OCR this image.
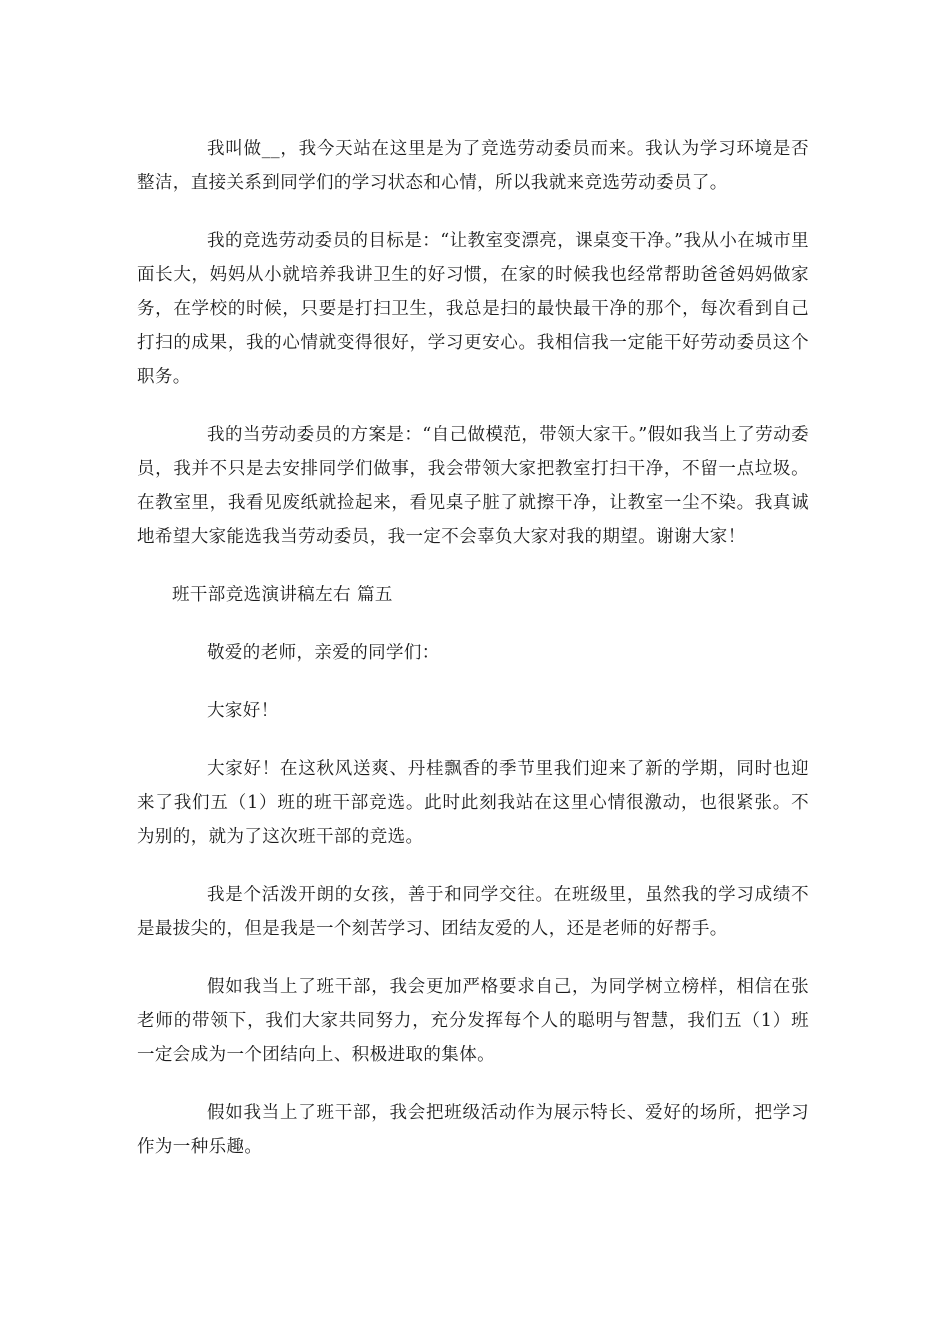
我叫做__，我今天站在这里是为了竞选劳动委员而来。我认为学习环境是否整洁，直接关系到同学们的学习状态和心情，所以我就来竞选劳动委员了。

我的竞选劳动委员的目标是：“让教室变漂亮，课桌变干净。”我从小在城市里面长大，妈妈从小就培养我讲卫生的好习惯，在家的时候我也经常帮助爸爸妈妈做家务，在学校的时候，只要是打扫卫生，我总是扫的最快最干净的那个，每次看到自己打扫的成果，我的心情就变得很好，学习更安心。我相信我一定能干好劳动委员这个职务。

我的当劳动委员的方案是：“自己做模范，带领大家干。”假如我当上了劳动委员，我并不只是去安排同学们做事，我会带领大家把教室打扫干净，不留一点垃圾。在教室里，我看见废纸就捡起来，看见桌子脏了就擦干净，让教室一尘不染。我真诚地希望大家能选我当劳动委员，我一定不会辜负大家对我的期望。谢谢大家！

班干部竞选演讲稿左右 篇五

敬爱的老师，亲爱的同学们：

大家好！

大家好！在这秋风送爽、丹桂飘香的季节里我们迎来了新的学期，同时也迎来了我们五（1）班的班干部竞选。此时此刻我站在这里心情很激动，也很紧张。不为别的，就为了这次班干部的竞选。

我是个活泼开朗的女孩，善于和同学交往。在班级里，虽然我的学习成绩不是最拔尖的，但是我是一个刻苦学习、团结友爱的人，还是老师的好帮手。

假如我当上了班干部，我会更加严格要求自己，为同学树立榜样，相信在张老师的带领下，我们大家共同努力，充分发挥每个人的聪明与智慧，我们五（1）班一定会成为一个团结向上、积极进取的集体。

假如我当上了班干部，我会把班级活动作为展示特长、爱好的场所，把学习作为一种乐趣。
